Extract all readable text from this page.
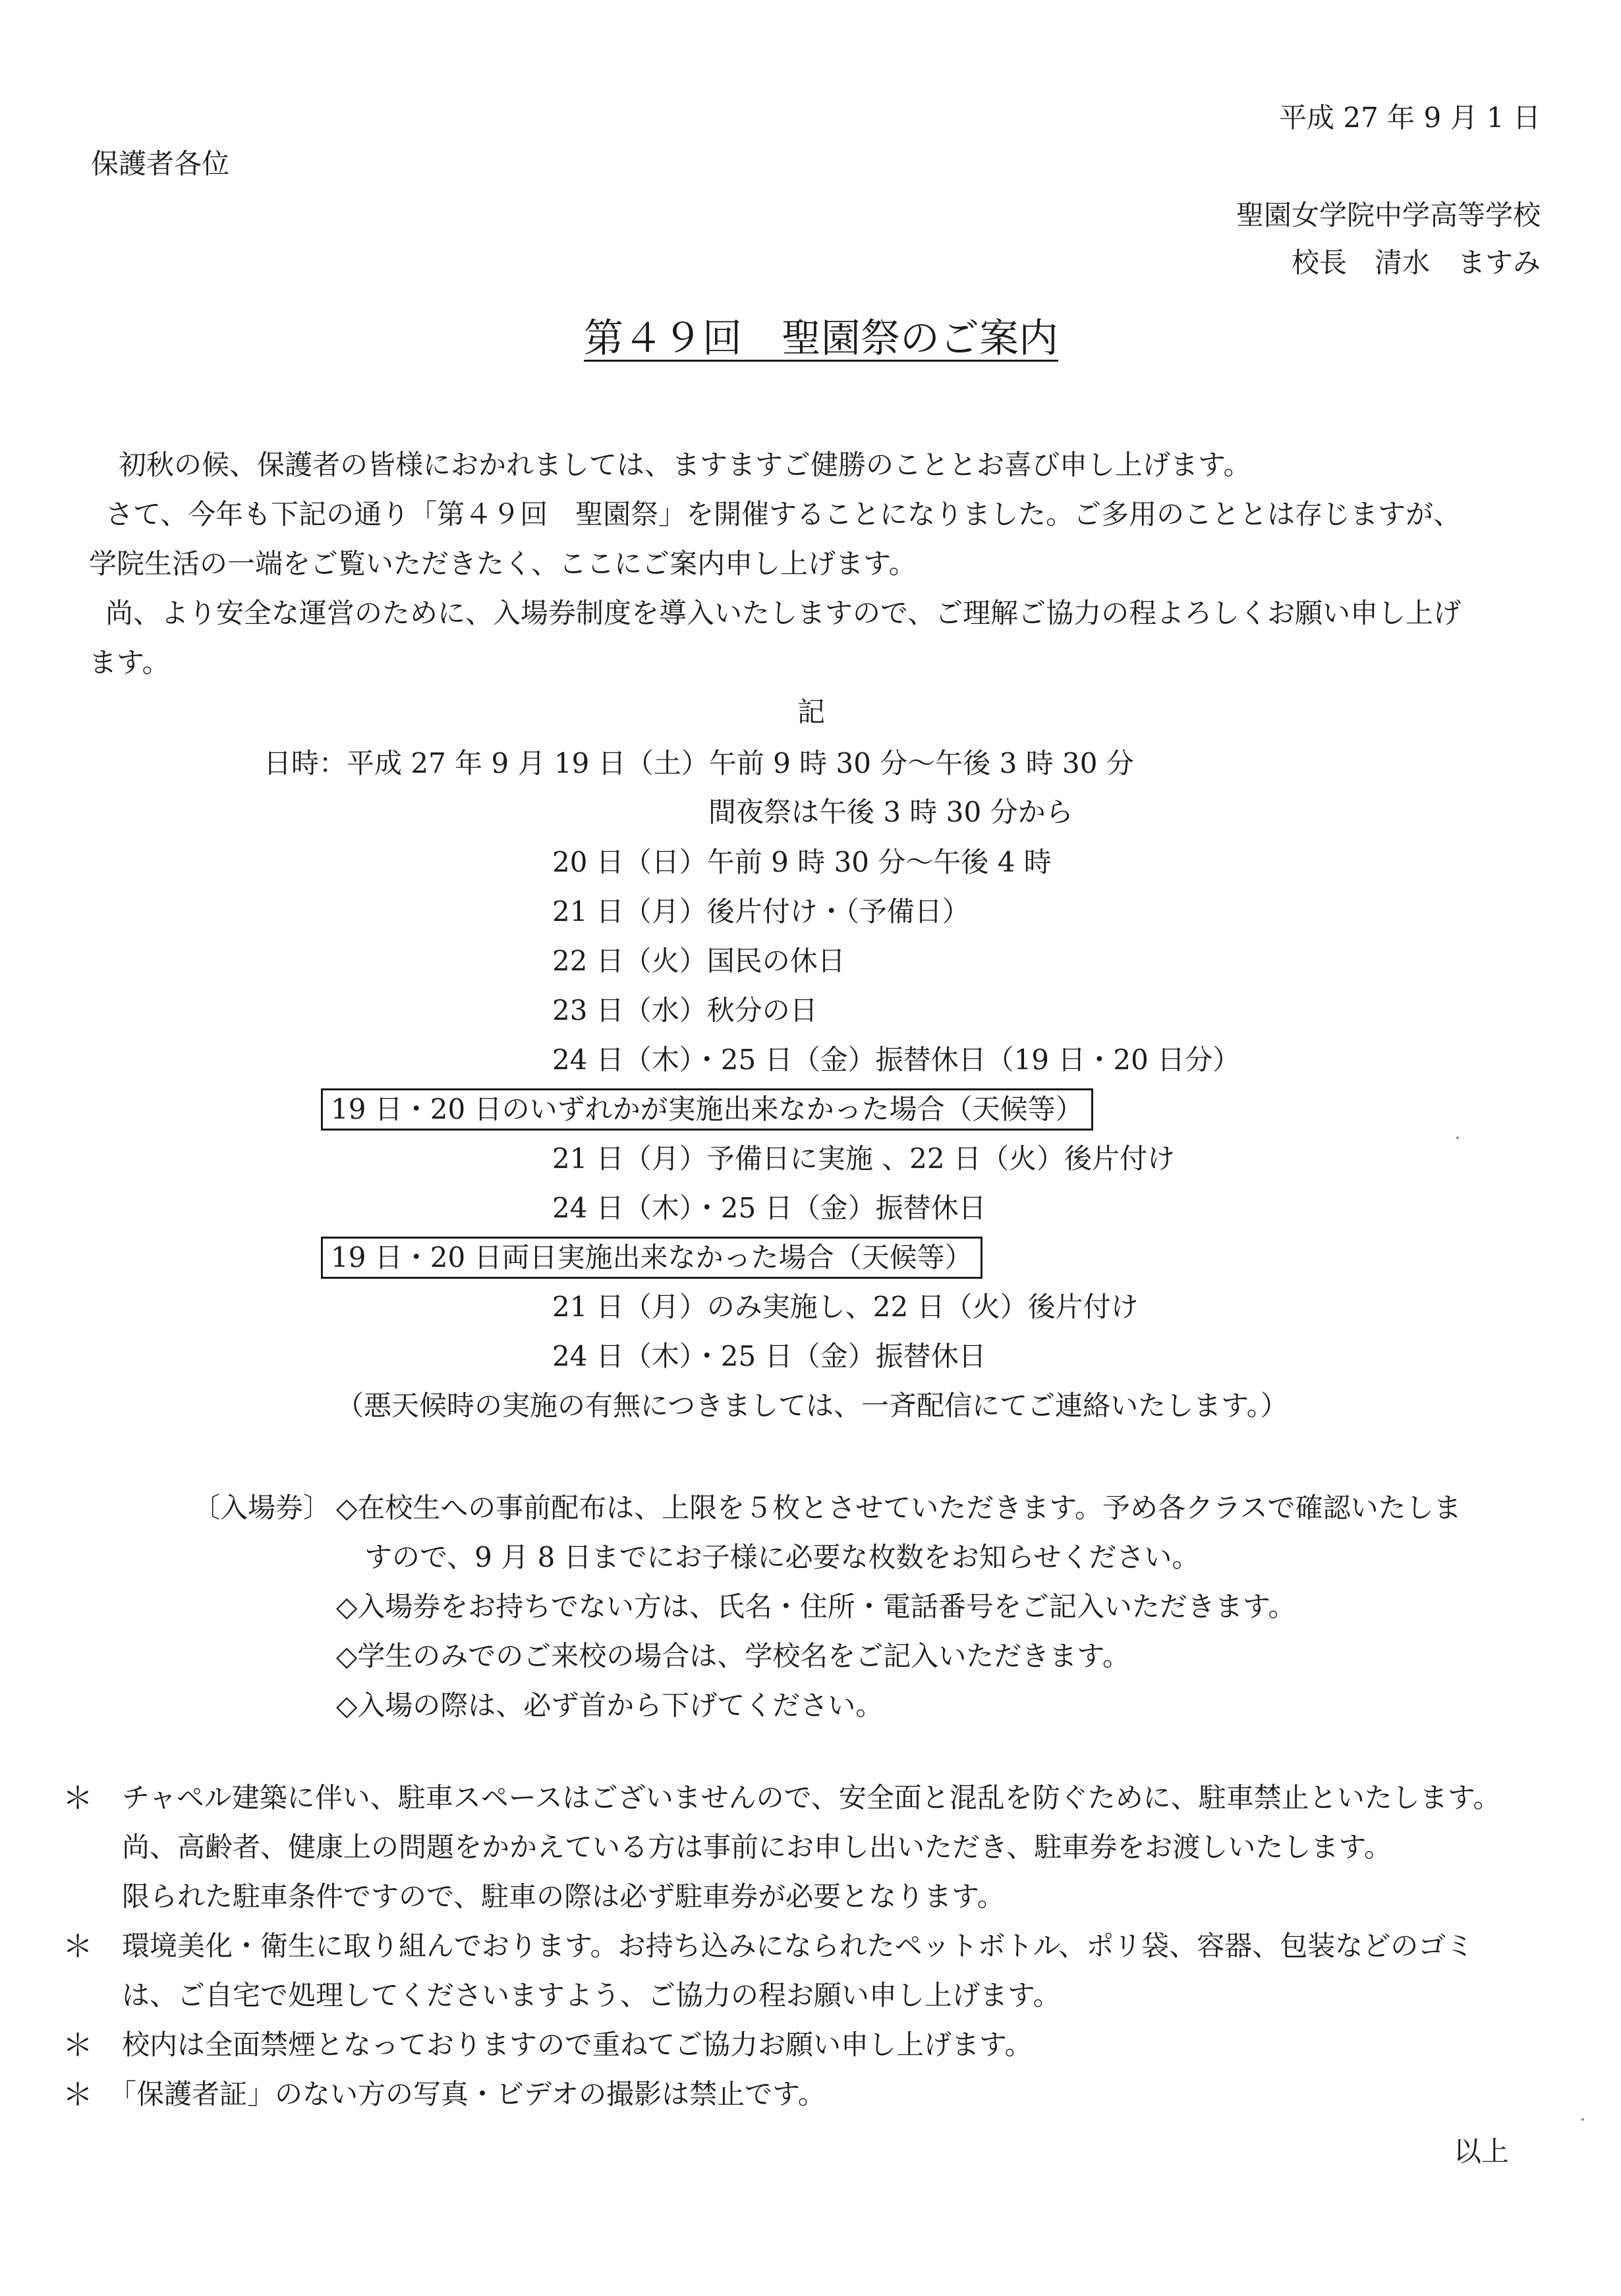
平成 27 年 9 月 1 日
保護者各位
聖園女学院中学高等学校
校長　清水　ますみ
第４９回　聖園祭のご案内
初秋の候、保護者の皆様におかれましては、ますますご健勝のこととお喜び申し上げます。
さて、今年も下記の通り「第４９回　聖園祭」を開催することになりました。ご多用のこととは存じますが、
学院生活の一端をご覧いただきたく、ここにご案内申し上げます。
尚、より安全な運営のために、入場券制度を導入いたしますので、ご理解ご協力の程よろしくお願い申し上げ
ます。
記
日時：平成 27 年 9 月 19 日（土）午前 9 時 30 分～午後 3 時 30 分
間夜祭は午後 3 時 30 分から
20 日（日）午前 9 時 30 分～午後 4 時
21 日（月）後片付け・（予備日）
22 日（火）国民の休日
23 日（水）秋分の日
24 日（木）・25 日（金）振替休日（19 日・20 日分）
19 日・20 日のいずれかが実施出来なかった場合（天候等）
21 日（月）予備日に実施 、22 日（火）後片付け
24 日（木）・25 日（金）振替休日
19 日・20 日両日実施出来なかった場合（天候等）
21 日（月）のみ実施し、22 日（火）後片付け
24 日（木）・25 日（金）振替休日
（悪天候時の実施の有無につきましては、一斉配信にてご連絡いたします。）
〔入場券〕 ◇在校生への事前配布は、上限を５枚とさせていただきます。予め各クラスで確認いたしま
すので、9 月 8 日までにお子様に必要な枚数をお知らせください。
◇入場券をお持ちでない方は、氏名・住所・電話番号をご記入いただきます。
◇学生のみでのご来校の場合は、学校名をご記入いただきます。
◇入場の際は、必ず首から下げてください。
＊ チャペル建築に伴い、駐車スペースはございませんので、安全面と混乱を防ぐために、駐車禁止といたします。
尚、高齢者、健康上の問題をかかえている方は事前にお申し出いただき、駐車券をお渡しいたします。
限られた駐車条件ですので、駐車の際は必ず駐車券が必要となります。
＊ 環境美化・衛生に取り組んでおります。お持ち込みになられたペットボトル、ポリ袋、容器、包装などのゴミ
は、ご自宅で処理してくださいますよう、ご協力の程お願い申し上げます。
＊ 校内は全面禁煙となっておりますので重ねてご協力お願い申し上げます。
＊ 「保護者証」のない方の写真・ビデオの撮影は禁止です。
以上
